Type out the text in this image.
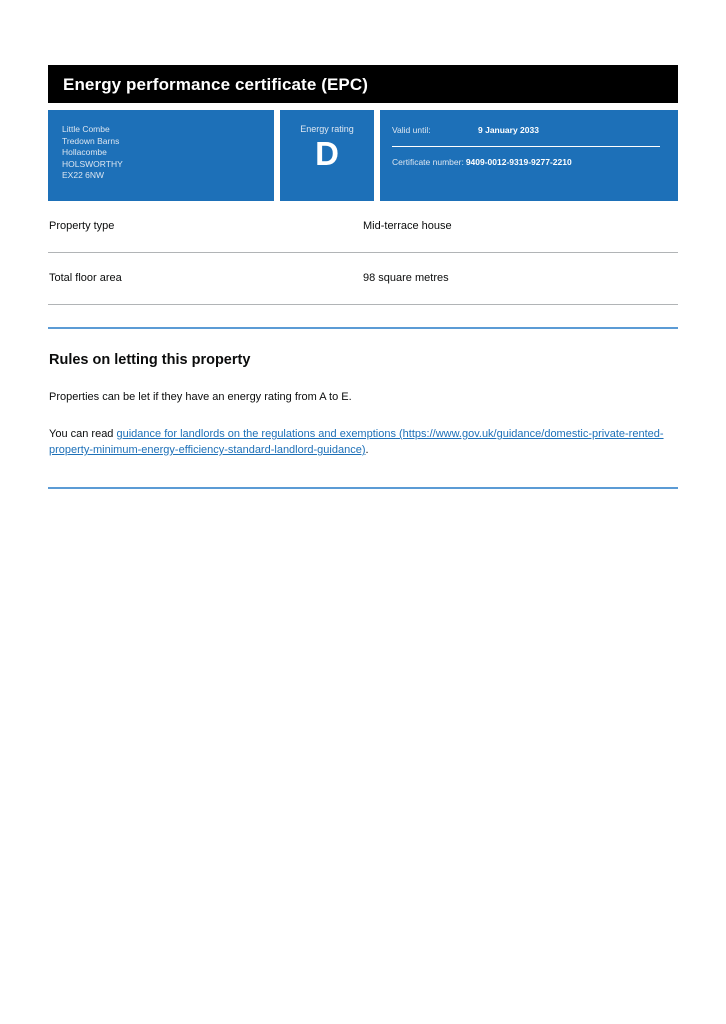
Energy performance certificate (EPC)
Little Combe
Tredown Barns
Hollacombe
HOLSWORTHY
EX22 6NW
Energy rating
D
Valid until:	9 January 2033
Certificate number: 9409-0012-9319-9277-2210
Property type	Mid-terrace house
Total floor area	98 square metres
Rules on letting this property

Properties can be let if they have an energy rating from A to E.

You can read guidance for landlords on the regulations and exemptions (https://www.gov.uk/guidance/domestic-private-rented-property-minimum-energy-efficiency-standard-landlord-guidance).
